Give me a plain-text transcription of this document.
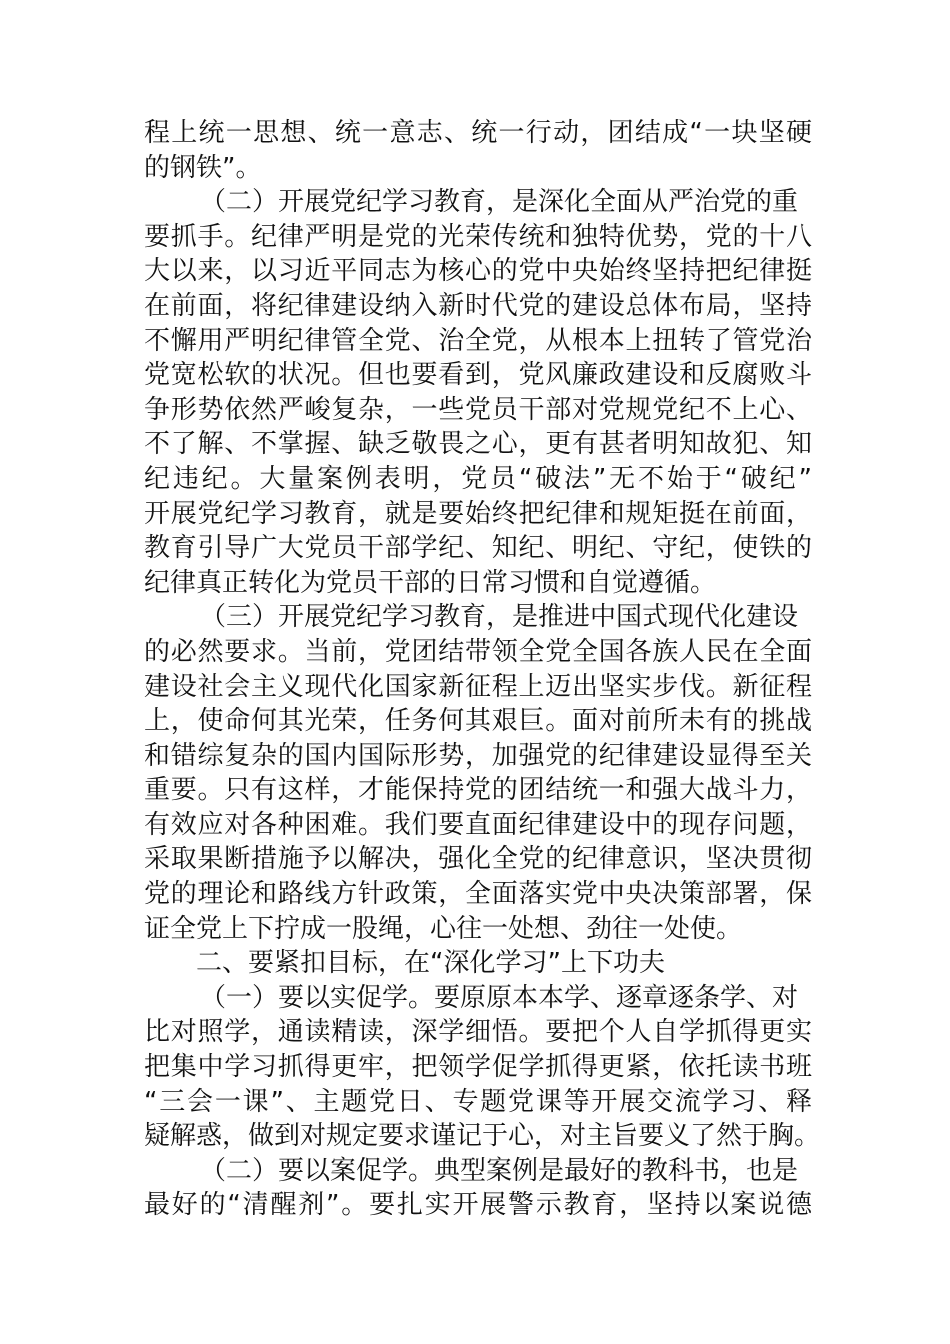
程上统一思想、统一意志、统一行动，团结成“一块坚硬
的钢铁”。
（二）开展党纪学习教育，是深化全面从严治党的重
要抓手。纪律严明是党的光荣传统和独特优势，党的十八
大以来，以习近平同志为核心的党中央始终坚持把纪律挺
在前面，将纪律建设纳入新时代党的建设总体布局，坚持
不懈用严明纪律管全党、治全党，从根本上扭转了管党治
党宽松软的状况。但也要看到，党风廉政建设和反腐败斗
争形势依然严峻复杂，一些党员干部对党规党纪不上心、
不了解、不掌握、缺乏敬畏之心，更有甚者明知故犯、知
纪违纪。大量案例表明，党员“破法”无不始于“破纪”
开展党纪学习教育，就是要始终把纪律和规矩挺在前面，
教育引导广大党员干部学纪、知纪、明纪、守纪，使铁的
纪律真正转化为党员干部的日常习惯和自觉遵循。
（三）开展党纪学习教育，是推进中国式现代化建设
的必然要求。当前，党团结带领全党全国各族人民在全面
建设社会主义现代化国家新征程上迈出坚实步伐。新征程
上，使命何其光荣，任务何其艰巨。面对前所未有的挑战
和错综复杂的国内国际形势，加强党的纪律建设显得至关
重要。只有这样，才能保持党的团结统一和强大战斗力，
有效应对各种困难。我们要直面纪律建设中的现存问题，
采取果断措施予以解决，强化全党的纪律意识，坚决贯彻
党的理论和路线方针政策，全面落实党中央决策部署，保
证全党上下拧成一股绳，心往一处想、劲往一处使。
二、要紧扣目标，在“深化学习”上下功夫
（一）要以实促学。要原原本本学、逐章逐条学、对
比对照学，通读精读，深学细悟。要把个人自学抓得更实
把集中学习抓得更牢，把领学促学抓得更紧，依托读书班
“三会一课”、主题党日、专题党课等开展交流学习、释
疑解惑，做到对规定要求谨记于心，对主旨要义了然于胸。
（二）要以案促学。典型案例是最好的教科书，也是
最好的“清醒剂”。要扎实开展警示教育，坚持以案说德
